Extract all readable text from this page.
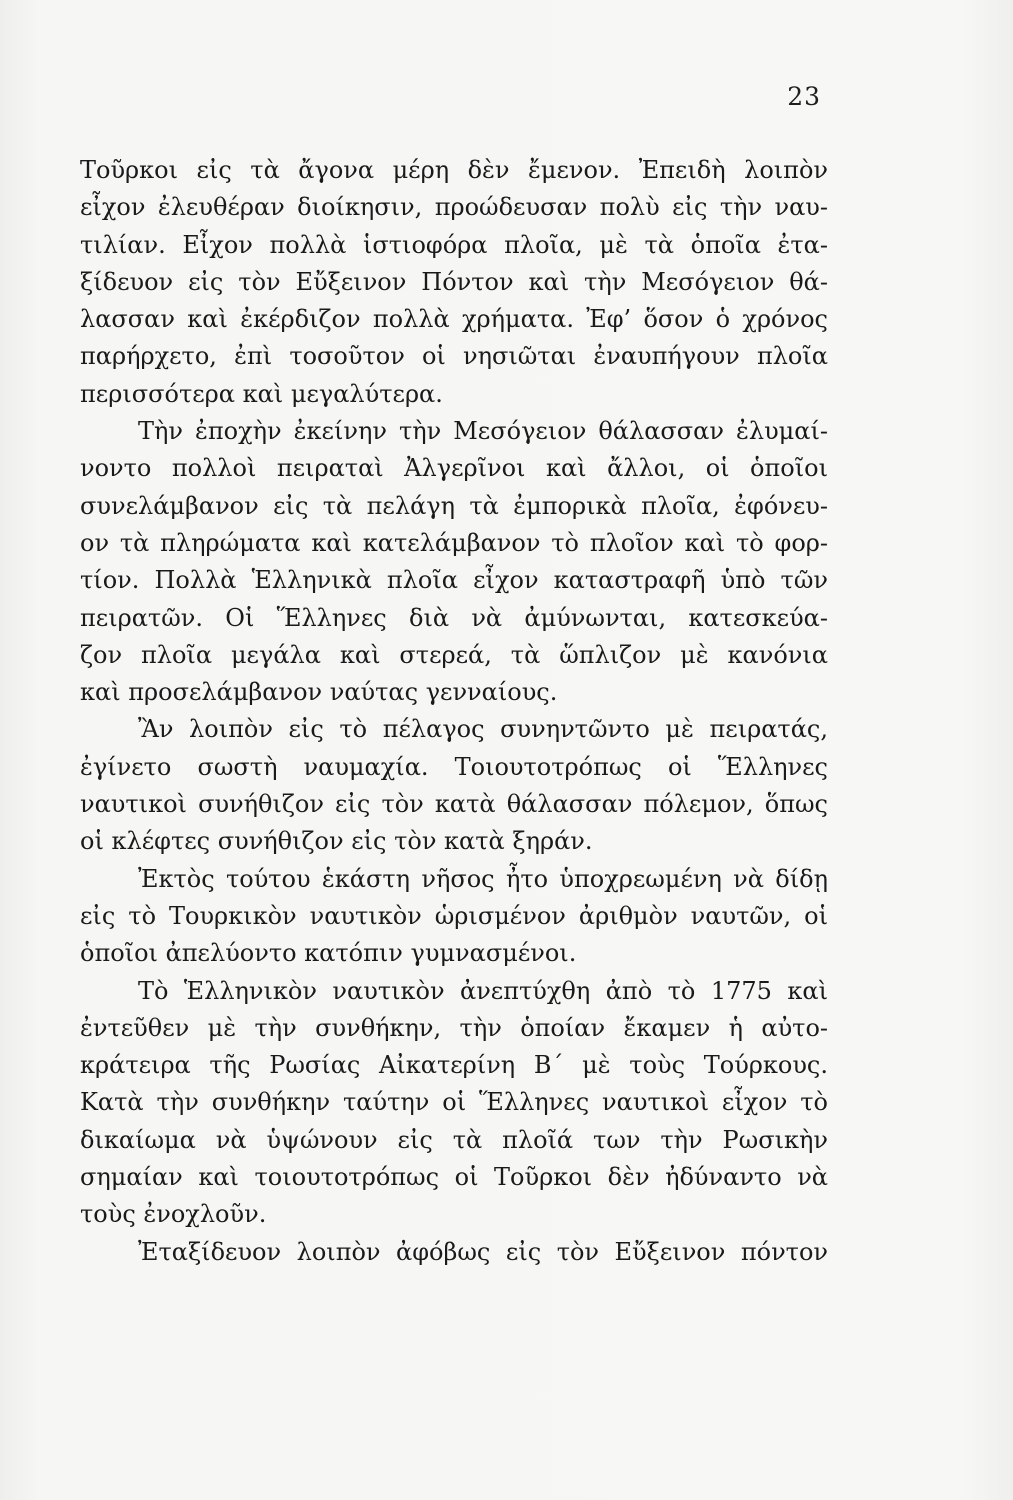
23
Τοῦρκοι εἰς τὰ ἄγονα μέρη δὲν ἔμενον. Ἐπειδὴ λοιπὸν
εἶχον ἐλευθέραν διοίκησιν, προώδευσαν πολὺ εἰς τὴν ναυ-
τιλίαν. Εἶχον πολλὰ ἱστιοφόρα πλοῖα, μὲ τὰ ὁποῖα ἐτα-
ξίδευον εἰς τὸν Εὔξεινον Πόντον καὶ τὴν Μεσόγειον θά-
λασσαν καὶ ἐκέρδιζον πολλὰ χρήματα. Ἐφ’ ὅσον ὁ χρόνος
παρήρχετο, ἐπὶ τοσοῦτον οἱ νησιῶται ἐναυπήγουν πλοῖα
περισσότερα καὶ μεγαλύτερα.
Τὴν ἐποχὴν ἐκείνην τὴν Μεσόγειον θάλασσαν ἐλυμαί-
νοντο πολλοὶ πειραταὶ Ἀλγερῖνοι καὶ ἄλλοι, οἱ ὁποῖοι
συνελάμβανον εἰς τὰ πελάγη τὰ ἐμπορικὰ πλοῖα, ἐφόνευ-
ον τὰ πληρώματα καὶ κατελάμβανον τὸ πλοῖον καὶ τὸ φορ-
τίον. Πολλὰ Ἑλληνικὰ πλοῖα εἶχον καταστραφῆ ὑπὸ τῶν
πειρατῶν. Οἱ Ἕλληνες διὰ νὰ ἀμύνωνται, κατεσκεύα-
ζον πλοῖα μεγάλα καὶ στερεά, τὰ ὥπλιζον μὲ κανόνια
καὶ προσελάμβανον ναύτας γενναίους.
Ἂν λοιπὸν εἰς τὸ πέλαγος συνηντῶντο μὲ πειρατάς,
ἐγίνετο σωστὴ ναυμαχία. Τοιουτοτρόπως οἱ Ἕλληνες
ναυτικοὶ συνήθιζον εἰς τὸν κατὰ θάλασσαν πόλεμον, ὅπως
οἱ κλέφτες συνήθιζον εἰς τὸν κατὰ ξηράν.
Ἐκτὸς τούτου ἑκάστη νῆσος ἦτο ὑποχρεωμένη νὰ δίδῃ
εἰς τὸ Τουρκικὸν ναυτικὸν ὡρισμένον ἀριθμὸν ναυτῶν, οἱ
ὁποῖοι ἀπελύοντο κατόπιν γυμνασμένοι.
Τὸ Ἑλληνικὸν ναυτικὸν ἀνεπτύχθη ἀπὸ τὸ 1775 καὶ
ἐντεῦθεν μὲ τὴν συνθήκην, τὴν ὁποίαν ἔκαμεν ἡ αὐτο-
κράτειρα τῆς Ρωσίας Αἰκατερίνη Β΄ μὲ τοὺς Τούρκους.
Κατὰ τὴν συνθήκην ταύτην οἱ Ἕλληνες ναυτικοὶ εἶχον τὸ
δικαίωμα νὰ ὑψώνουν εἰς τὰ πλοῖά των τὴν Ρωσικὴν
σημαίαν καὶ τοιουτοτρόπως οἱ Τοῦρκοι δὲν ἠδύναντο νὰ
τοὺς ἐνοχλοῦν.
Ἐταξίδευον λοιπὸν ἀφόβως εἰς τὸν Εὔξεινον πόντον
